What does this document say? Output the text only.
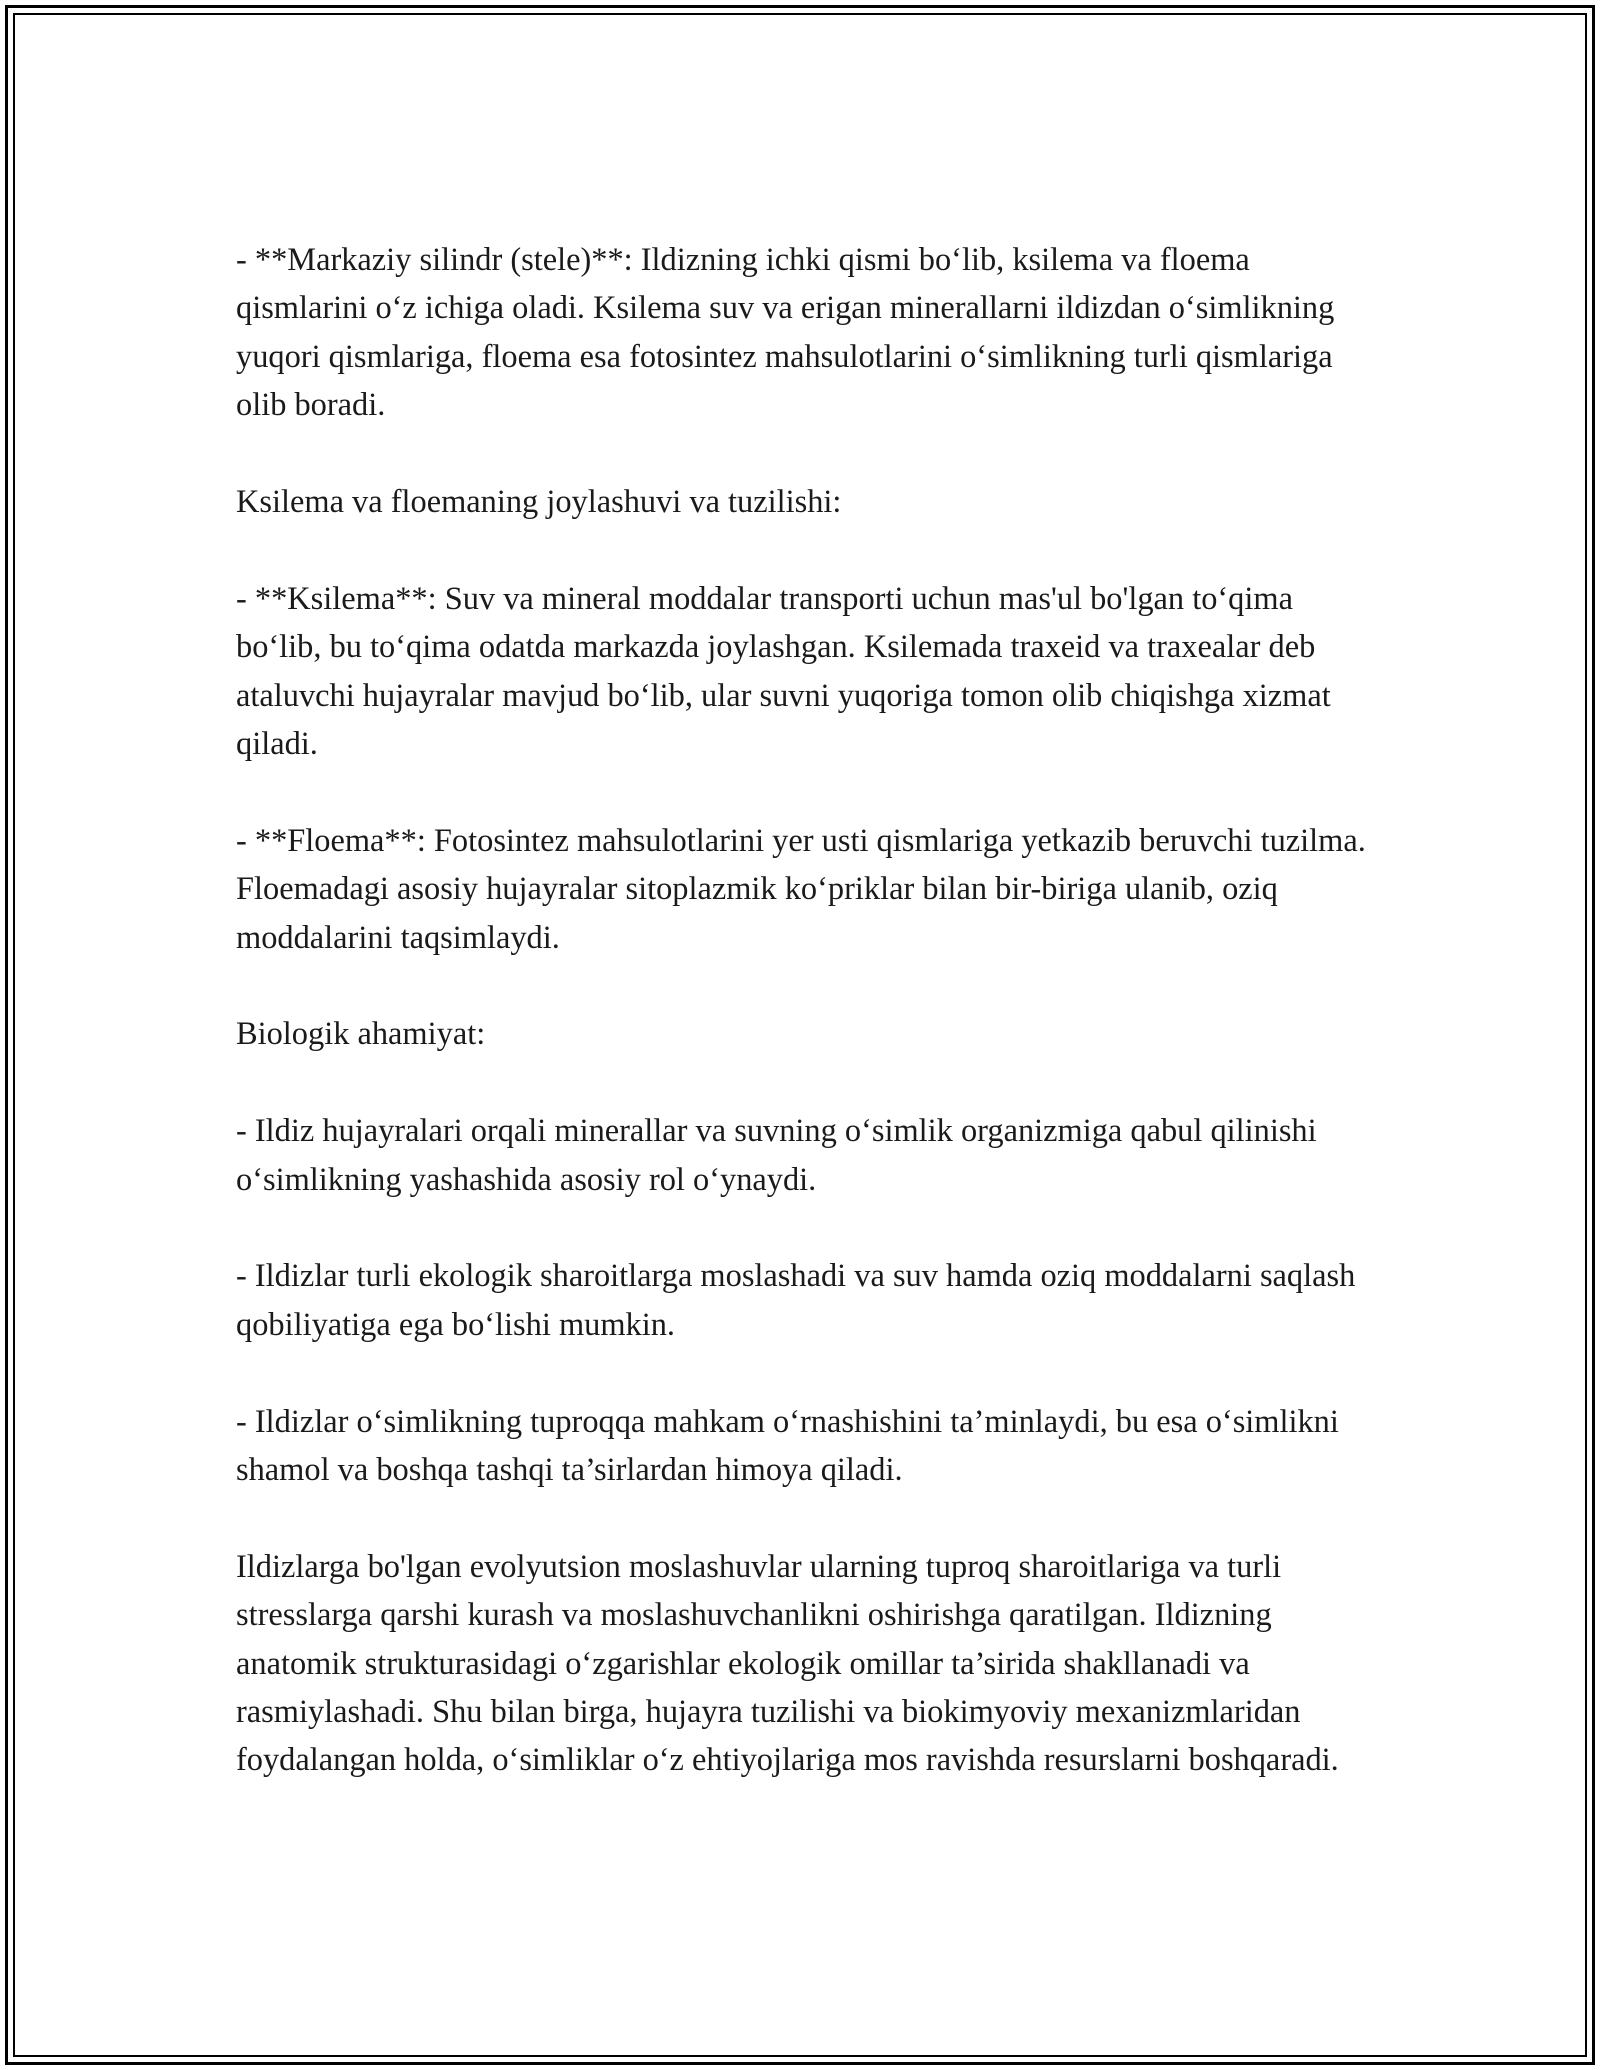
- **Markaziy silindr (stele)**: Ildizning ichki qismi bo‘lib, ksilema va floema qismlarini o‘z ichiga oladi. Ksilema suv va erigan minerallarni ildizdan o‘simlikning yuqori qismlariga, floema esa fotosintez mahsulotlarini o‘simlikning turli qismlariga olib boradi.

Ksilema va floemaning joylashuvi va tuzilishi:

- **Ksilema**: Suv va mineral moddalar transporti uchun mas'ul bo'lgan to‘qima bo‘lib, bu to‘qima odatda markazda joylashgan. Ksilemada traxeid va traxealar deb ataluvchi hujayralar mavjud bo‘lib, ular suvni yuqoriga tomon olib chiqishga xizmat qiladi.

- **Floema**: Fotosintez mahsulotlarini yer usti qismlariga yetkazib beruvchi tuzilma. Floemadagi asosiy hujayralar sitoplazmik ko‘priklar bilan bir-biriga ulanib, oziq moddalarini taqsimlaydi.

Biologik ahamiyat:

- Ildiz hujayralari orqali minerallar va suvning o‘simlik organizmiga qabul qilinishi o‘simlikning yashashida asosiy rol o‘ynaydi.

- Ildizlar turli ekologik sharoitlarga moslashadi va suv hamda oziq moddalarni saqlash qobiliyatiga ega bo‘lishi mumkin.

- Ildizlar o‘simlikning tuproqqa mahkam o‘rnashishini ta’minlaydi, bu esa o‘simlikni shamol va boshqa tashqi ta’sirlardan himoya qiladi.

Ildizlarga bo'lgan evolyutsion moslashuvlar ularning tuproq sharoitlariga va turli stresslarga qarshi kurash va moslashuvchanlikni oshirishga qaratilgan. Ildizning anatomik strukturasidagi o‘zgarishlar ekologik omillar ta’sirida shakllanadi va rasmiylashadi. Shu bilan birga, hujayra tuzilishi va biokimyoviy mexanizmlaridan foydalangan holda, o‘simliklar o‘z ehtiyojlariga mos ravishda resurslarni boshqaradi.
